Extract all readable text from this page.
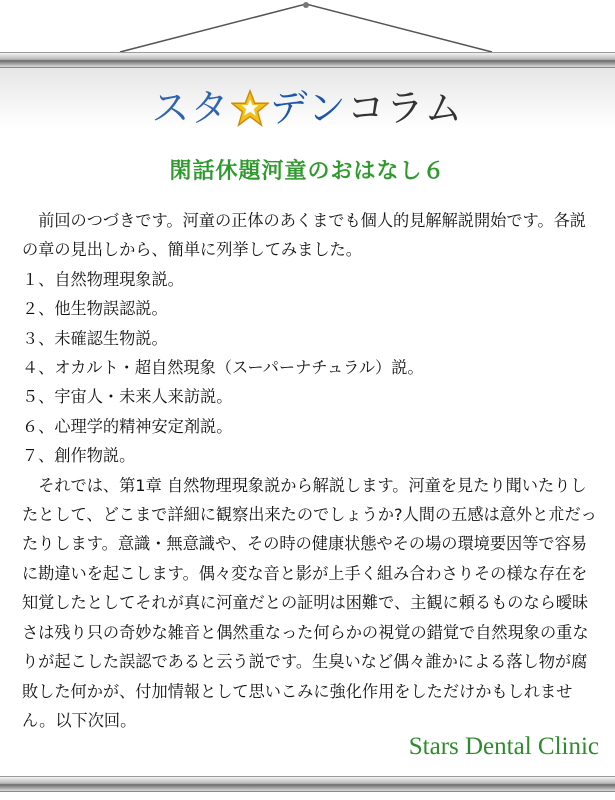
スタ デン コラム
閑話休題河童のおはなし６

前回のつづきです。河童の正体のあくまでも個人的見解解説開始です。各説の章の見出しから、簡単に列挙してみました。

１、自然物理現象説。

２、他生物誤認説。

３、未確認生物説。

４、オカルト・超自然現象（スーパーナチュラル）説。

５、宇宙人・未来人来訪説。

６、心理学的精神安定剤説。

７、創作物説。

それでは、第1章 自然物理現象説から解説します。河童を見たり聞いたりしたとして、どこまで詳細に観察出来たのでしょうか?人間の五感は意外と朮だったりします。意識・無意識や、その時の健康状態やその場の環境要因等で容易に勘違いを起こします。偶々変な音と影が上手く組み合わさりその様な存在を知覚したとしてそれが真に河童だとの証明は困難で、主観に頼るものなら曖昧さは残り只の奇妙な雑音と偶然重なった何らかの視覚の錯覚で自然現象の重なりが起こした誤認であると云う説です。生臭いなど偶々誰かによる落し物が腐敗した何かが、付加情報として思いこみに強化作用をしただけかもしれません。以下次回。

Stars Dental Clinic
